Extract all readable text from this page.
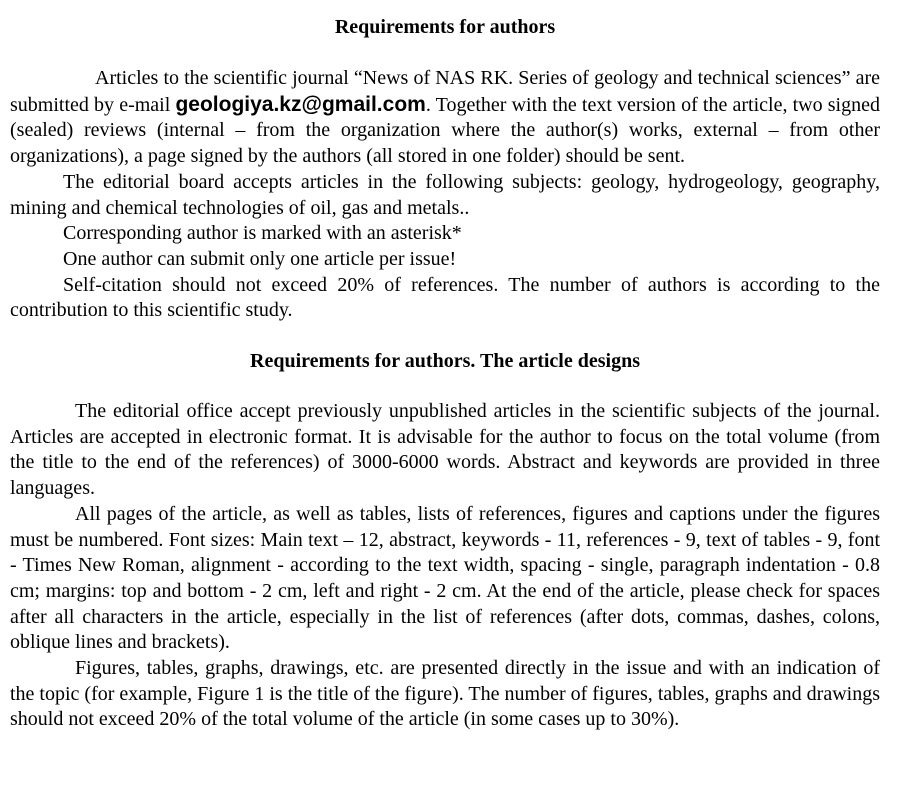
Requirements for authors

Articles to the scientific journal “News of NAS RK. Series of geology and technical sciences” are submitted by e-mail geologiya.kz@gmail.com. Together with the text version of the article, two signed (sealed) reviews (internal – from the organization where the author(s) works, external – from other organizations), a page signed by the authors (all stored in one folder) should be sent.

The editorial board accepts articles in the following subjects: geology, hydrogeology, geography, mining and chemical technologies of oil, gas and metals..

Corresponding author is marked with an asterisk*

One author can submit only one article per issue!

Self-citation should not exceed 20% of references. The number of authors is according to the contribution to this scientific study.

Requirements for authors. The article designs

The editorial office accept previously unpublished articles in the scientific subjects of the journal. Articles are accepted in electronic format. It is advisable for the author to focus on the total volume (from the title to the end of the references) of 3000-6000 words. Abstract and keywords are provided in three languages.

All pages of the article, as well as tables, lists of references, figures and captions under the figures must be numbered. Font sizes: Main text – 12, abstract, keywords - 11, references - 9, text of tables - 9, font - Times New Roman, alignment - according to the text width, spacing - single, paragraph indentation - 0.8 cm; margins: top and bottom - 2 cm, left and right - 2 cm. At the end of the article, please check for spaces after all characters in the article, especially in the list of references (after dots, commas, dashes, colons, oblique lines and brackets).

Figures, tables, graphs, drawings, etc. are presented directly in the issue and with an indication of the topic (for example, Figure 1 is the title of the figure). The number of figures, tables, graphs and drawings should not exceed 20% of the total volume of the article (in some cases up to 30%).
